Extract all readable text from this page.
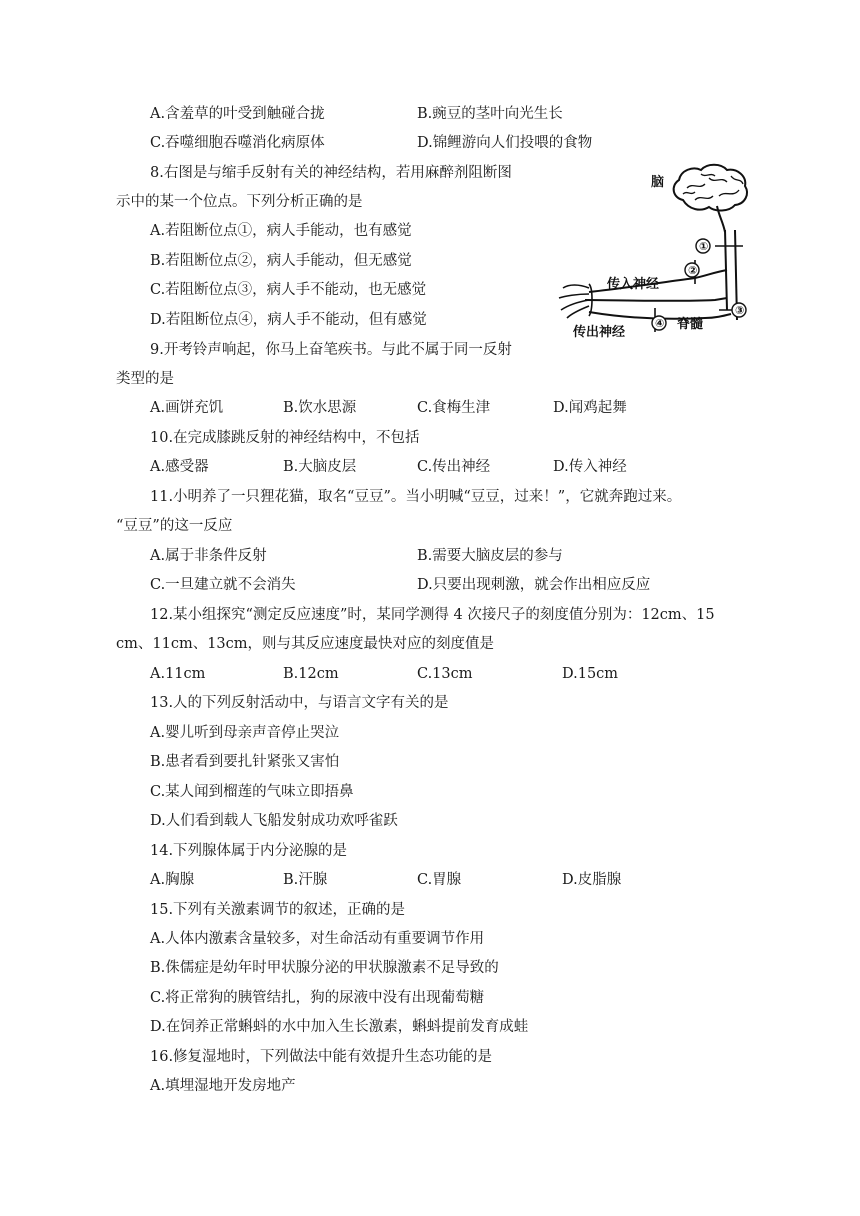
A.含羞草的叶受到触碰合拢	B.豌豆的茎叶向光生长
C.吞噬细胞吞噬消化病原体	D.锦鲤游向人们投喂的食物
8.右图是与缩手反射有关的神经结构，若用麻醉剂阻断图
示中的某一个位点。下列分析正确的是
A.若阻断位点①，病人手能动，也有感觉
B.若阻断位点②，病人手能动，但无感觉
C.若阻断位点③，病人手不能动，也无感觉
D.若阻断位点④，病人手不能动，但有感觉
脑
①
②
传入神经
④
传出神经
③
脊髓
9.开考铃声响起，你马上奋笔疾书。与此不属于同一反射
类型的是
A.画饼充饥	B.饮水思源	C.食梅生津	D.闻鸡起舞
10.在完成膝跳反射的神经结构中，不包括
A.感受器	B.大脑皮层	C.传出神经	D.传入神经
11.小明养了一只狸花猫，取名“豆豆”。当小明喊“豆豆，过来！”，它就奔跑过来。
“豆豆”的这一反应
A.属于非条件反射	B.需要大脑皮层的参与
C.一旦建立就不会消失	D.只要出现刺激，就会作出相应反应
12.某小组探究“测定反应速度”时，某同学测得 4 次接尺子的刻度值分别为：12cm、15
cm、11cm、13cm，则与其反应速度最快对应的刻度值是
A.11cm	B.12cm	C.13cm	D.15cm
13.人的下列反射活动中，与语言文字有关的是
A.婴儿听到母亲声音停止哭泣
B.患者看到要扎针紧张又害怕
C.某人闻到榴莲的气味立即捂鼻
D.人们看到载人飞船发射成功欢呼雀跃
14.下列腺体属于内分泌腺的是
A.胸腺	B.汗腺	C.胃腺	D.皮脂腺
15.下列有关激素调节的叙述，正确的是
A.人体内激素含量较多，对生命活动有重要调节作用
B.侏儒症是幼年时甲状腺分泌的甲状腺激素不足导致的
C.将正常狗的胰管结扎，狗的尿液中没有出现葡萄糖
D.在饲养正常蝌蚪的水中加入生长激素，蝌蚪提前发育成蛙
16.修复湿地时，下列做法中能有效提升生态功能的是
A.填埋湿地开发房地产
